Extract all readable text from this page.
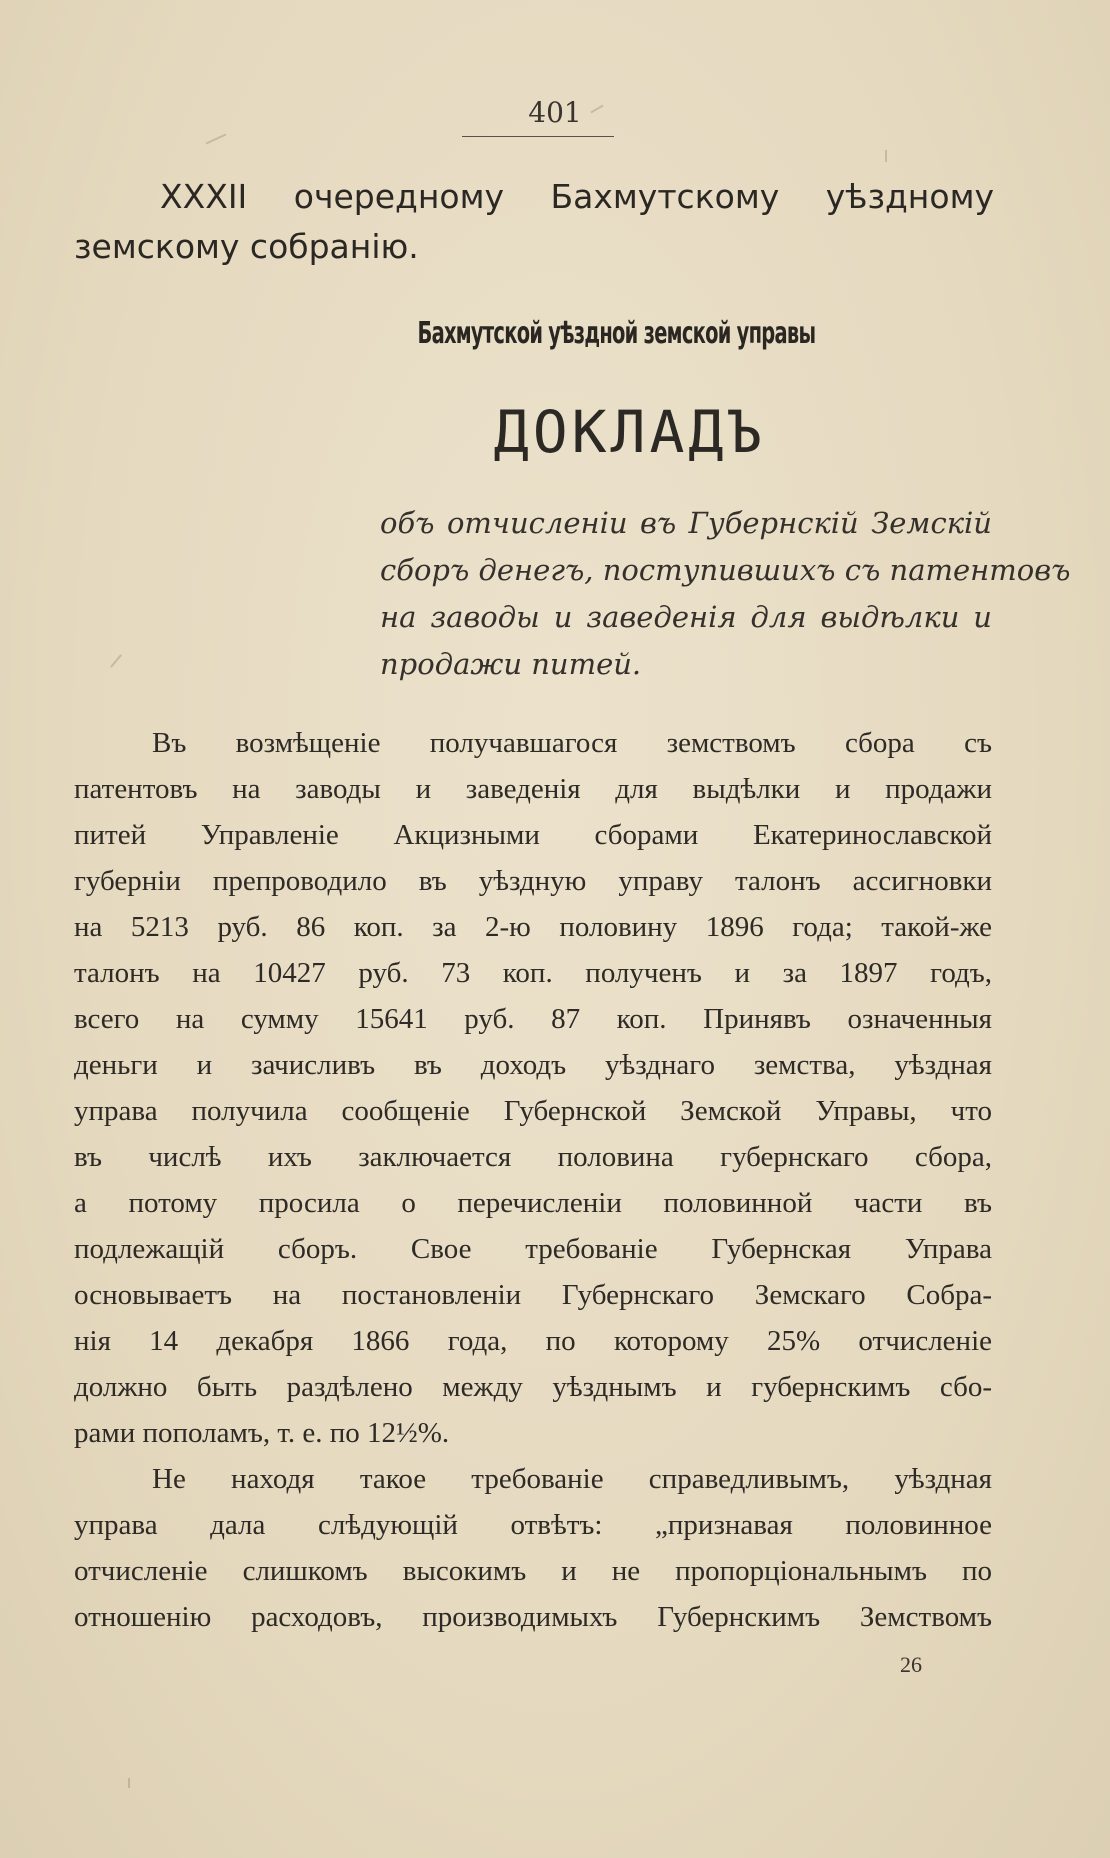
401
XXXII очередному Бахмутскому уѣздному земскому собранію.
Бахмутской уѣздной земской управы
ДОКЛАДЪ
объ отчисленіи въ Губернскій Земскій
сборъ денегъ, поступившихъ съ патентовъ
на заводы и заведенія для выдѣлки и
продажи питей.
Въ возмѣщеніе получавшагося земствомъ сбора съ
патентовъ на заводы и заведенія для выдѣлки и продажи
питей Управленіе Акцизными сборами Екатеринославской
губерніи препроводило въ уѣздную управу талонъ ассигновки
на 5213 руб. 86 коп. за 2-ю половину 1896 года; такой-же
талонъ на 10427 руб. 73 коп. полученъ и за 1897 годъ,
всего на сумму 15641 руб. 87 коп. Принявъ означенныя
деньги и зачисливъ въ доходъ уѣзднаго земства, уѣздная
управа получила сообщеніе Губернской Земской Управы, что
въ числѣ ихъ заключается половина губернскаго сбора,
а потому просила о перечисленіи половинной части въ
подлежащій сборъ. Свое требованіе Губернская Управа
основываетъ на постановленіи Губернскаго Земскаго Собра-
нія 14 декабря 1866 года, по которому 25% отчисленіе
должно быть раздѣлено между уѣзднымъ и губернскимъ сбо-
рами пополамъ, т. е. по 12½%.
Не находя такое требованіе справедливымъ, уѣздная
управа дала слѣдующій отвѣтъ: „признавая половинное
отчисленіе слишкомъ высокимъ и не пропорціональнымъ по
отношенію расходовъ, производимыхъ Губернскимъ Земствомъ
26
